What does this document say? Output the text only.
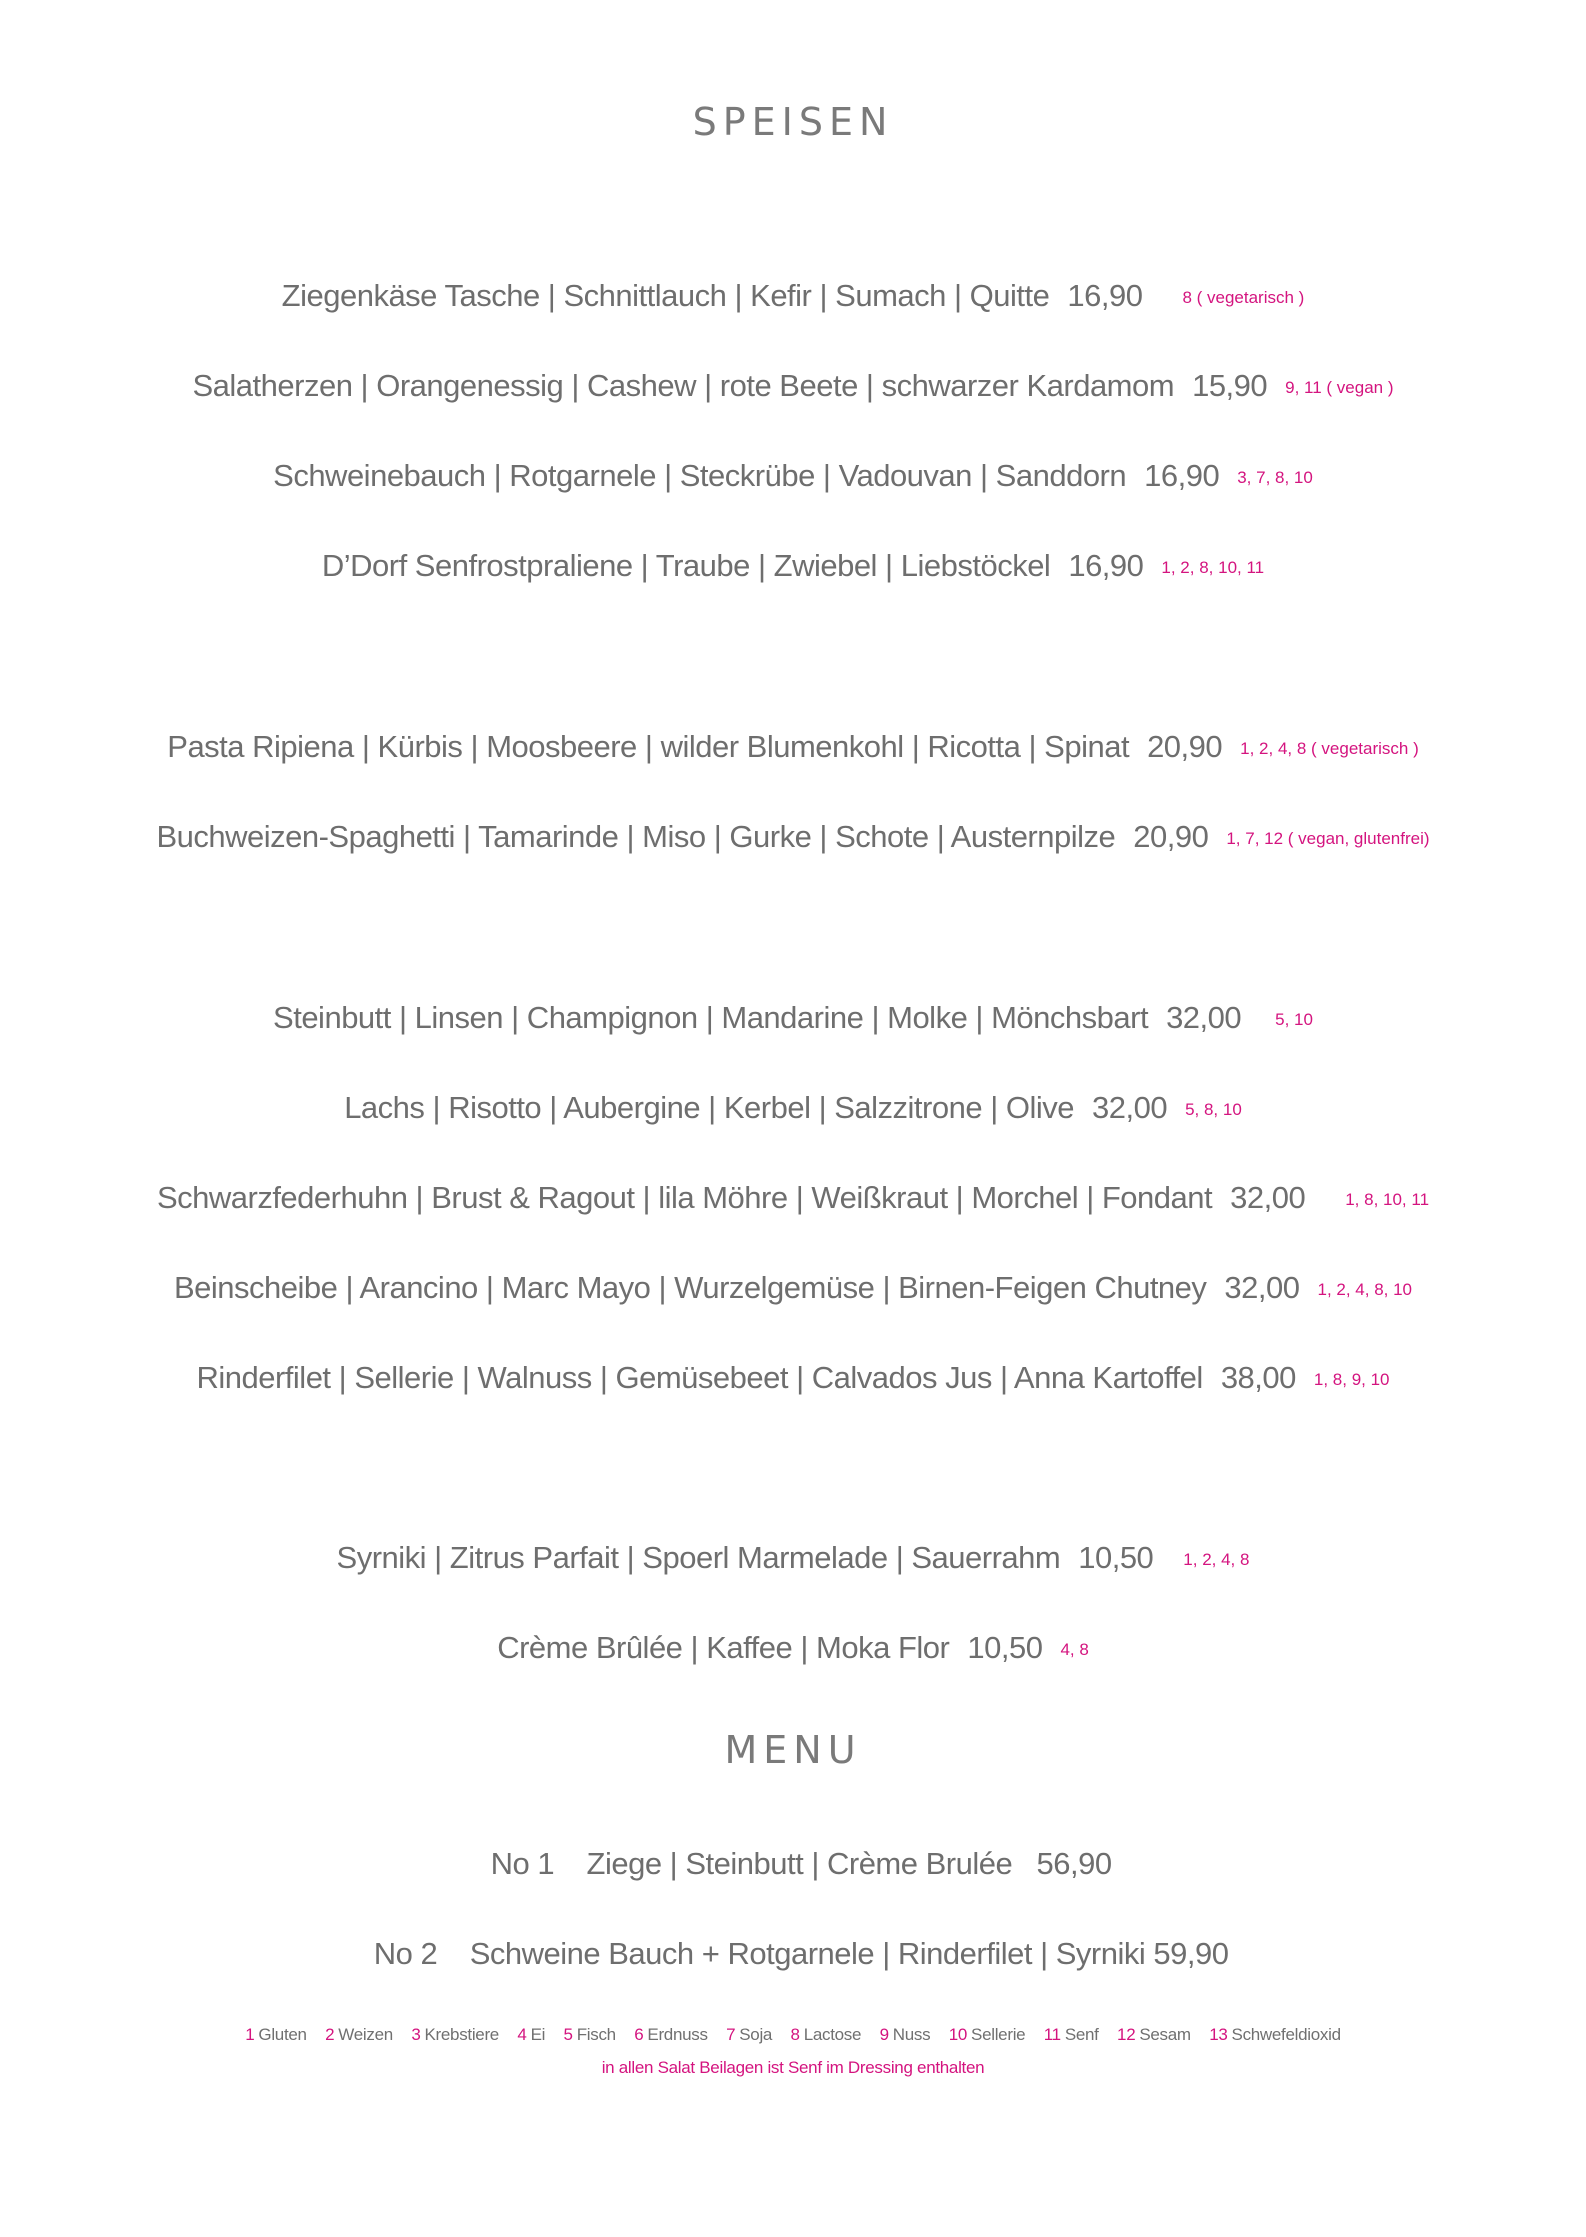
SPEISEN
Ziegenkäse Tasche | Schnittlauch | Kefir | Sumach | Quitte 16,90 8 ( vegetarisch )
Salatherzen | Orangenessig | Cashew | rote Beete | schwarzer Kardamom 15,90 9, 11 ( vegan )
Schweinebauch | Rotgarnele | Steckrübe | Vadouvan | Sanddorn 16,90 3, 7, 8, 10
D’Dorf Senfrostpraliene | Traube | Zwiebel | Liebstöckel 16,90 1, 2, 8, 10, 11
Pasta Ripiena | Kürbis | Moosbeere | wilder Blumenkohl | Ricotta | Spinat 20,90 1, 2, 4, 8 ( vegetarisch )
Buchweizen-Spaghetti | Tamarinde | Miso | Gurke | Schote | Austernpilze 20,90 1, 7, 12 ( vegan, glutenfrei)
Steinbutt | Linsen | Champignon | Mandarine | Molke | Mönchsbart 32,00 5, 10
Lachs | Risotto | Aubergine | Kerbel | Salzzitrone | Olive 32,00 5, 8, 10
Schwarzfederhuhn | Brust & Ragout | lila Möhre | Weißkraut | Morchel | Fondant 32,00 1, 8, 10, 11
Beinscheibe | Arancino | Marc Mayo | Wurzelgemüse | Birnen-Feigen Chutney 32,00 1, 2, 4, 8, 10
Rinderfilet | Sellerie | Walnuss | Gemüsebeet | Calvados Jus | Anna Kartoffel 38,00 1, 8, 9, 10
Syrniki | Zitrus Parfait | Spoerl Marmelade | Sauerrahm 10,50 1, 2, 4, 8
Crème Brûlée | Kaffee | Moka Flor 10,50 4, 8
MENU

No 1    Ziege | Steinbutt | Crème Brulée   56,90

No 2    Schweine Bauch + Rotgarnele | Rinderfilet | Syrniki 59,90

1 Gluten 2 Weizen 3 Krebstiere 4 Ei 5 Fisch 6 Erdnuss 7 Soja 8 Lactose 9 Nuss 10 Sellerie 11 Senf 12 Sesam 13 Schwefeldioxid
in allen Salat Beilagen ist Senf im Dressing enthalten
